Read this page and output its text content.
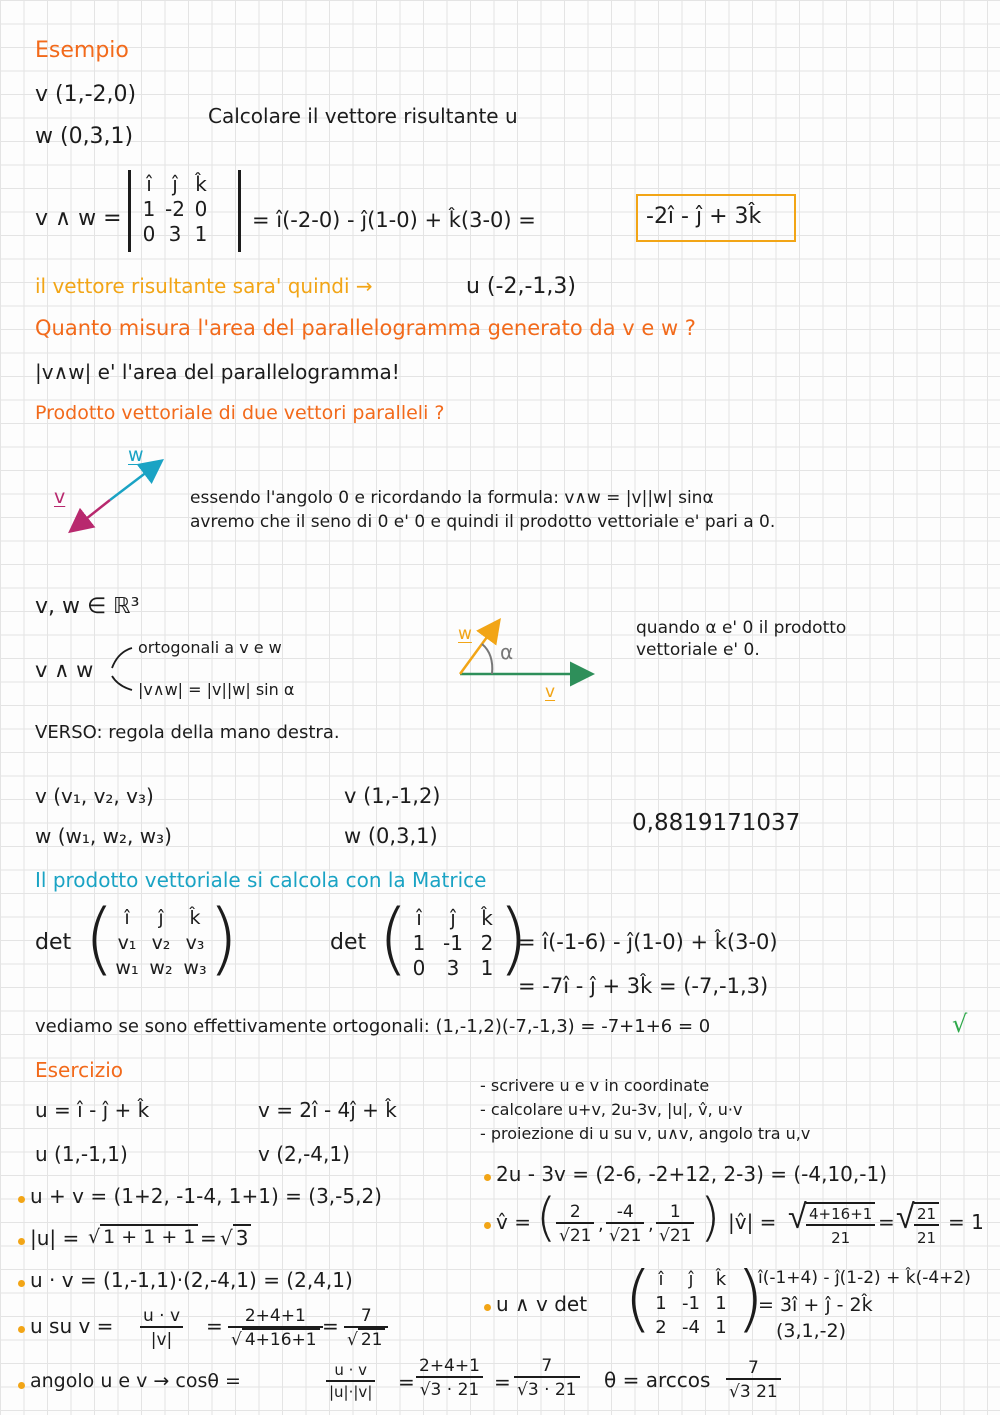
Esempio
v (1,-2,0)
w (0,3,1)
Calcolare il vettore risultante u
v ∧ w =
î	ĵ k̂
1 -2 0
0 3 1
= î(-2-0) - ĵ(1-0) + k̂(3-0) =	-2î - ĵ + 3k̂
il vettore risultante sara' quindi →	u (-2,-1,3)
Quanto misura l'area del parallelogramma generato da v e w ?
|v∧w| e' l'area del parallelogramma!
Prodotto vettoriale di due vettori paralleli ?
w
v	essendo l'angolo 0 e ricordando la formula: v∧w = |v||w| sinα
avremo che il seno di 0 e' 0 e quindi il prodotto vettoriale e' pari a 0.
v, w ∈ ℝ³
v ∧ w
ortogonali a v e w
|v∧w| = |v||w| sin α
α
w
v
quando α e' 0 il prodotto
vettoriale e' 0.
VERSO: regola della mano destra.
v (v₁, v₂, v₃)
w (w₁, w₂, w₃)
v (1,-1,2)
w (0,3,1)	0,8819171037
Il prodotto vettoriale si calcola con la Matrice
det ( î	ĵ	k̂
v₁ v₂ v₃
w₁ w₂ w₃ )	det ( î	ĵ	k̂
1 -1 2
0	3	1 )
= î(-1-6) - ĵ(1-0) + k̂(3-0)
= -7î - ĵ + 3k̂ = (-7,-1,3)
vediamo se sono effettivamente ortogonali: (1,-1,2)(-7,-1,3) = -7+1+6 = 0	√
Esercizio
u = î - ĵ + k̂	v = 2î - 4ĵ + k̂
u (1,-1,1)	v (2,-4,1)
- scrivere u e v in coordinate
- calcolare u+v, 2u-3v, |u|, v̂, u·v
- proiezione di u su v, u∧v, angolo tra u,v
u + v = (1+2, -1-4, 1+1) = (3,-5,2)
|u| = √ 1 + 1 + 1 = √ 3
u · v = (1,-1,1)·(2,-4,1) = (2,4,1)
u su $v = \frac{u \cdot v}{|v|} = \frac{2+4+1}{√ 4+16+1} = \frac{7}{√ 21}$
angolo u e v → cosθ =	$\frac{u \cdot v}{|u|\cdot|v|} = \frac{2+4+1}{√3 \cdot 21} = \frac{7}{√3 \cdot 21}$ $\theta = \arccos \frac{7}{√3 21}$
2u - 3v = (2-6, -2+12, 2-3) = (-4,10,-1)
v̂ = ( $\frac{2}{√21}$ , $\frac{-4}{√21}$ , $\frac{1}{√21}$ ) |v̂| = √ $\frac{4+16+1}{21}$ = √ $\frac{21}{21} = 1$
u ∧ v det ( î	ĵ	k̂
1 -1 1
2 -4 1 )
î(-1+4) - ĵ(1-2) + k̂(-4+2)
= 3î + ĵ - 2k̂
(3,1,-2)
